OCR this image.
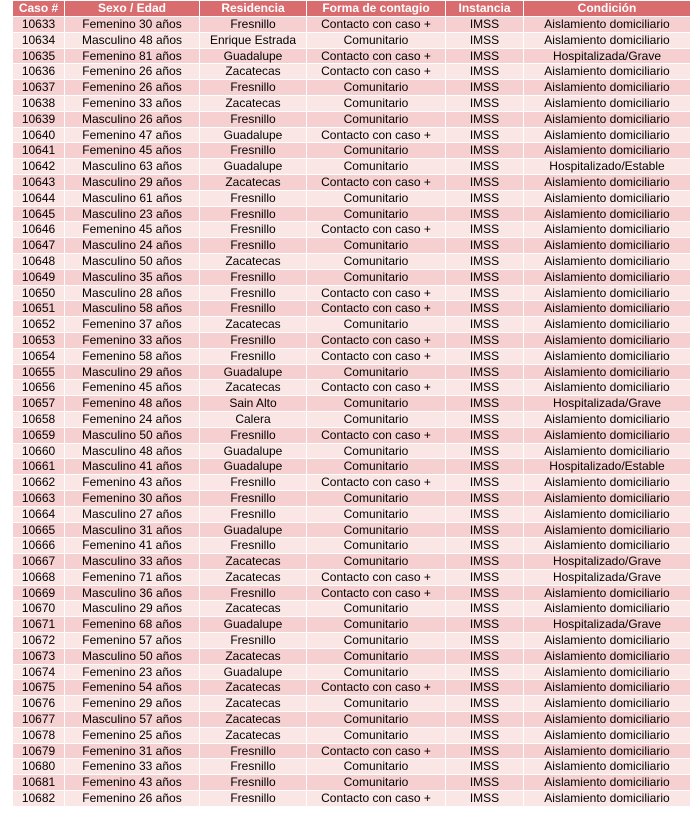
Caso #	Sexo / Edad	Residencia	Forma de contagio	Instancia	Condición
10633	Femenino 30 años	Fresnillo	Contacto con caso +	IMSS	Aislamiento domiciliario
10634	Masculino 48 años	Enrique Estrada	Comunitario	IMSS	Aislamiento domiciliario
10635	Femenino 81 años	Guadalupe	Contacto con caso +	IMSS	Hospitalizada/Grave
10636	Femenino 26 años	Zacatecas	Contacto con caso +	IMSS	Aislamiento domiciliario
10637	Femenino 26 años	Fresnillo	Comunitario	IMSS	Aislamiento domiciliario
10638	Femenino 33 años	Zacatecas	Comunitario	IMSS	Aislamiento domiciliario
10639	Masculino 26 años	Fresnillo	Comunitario	IMSS	Aislamiento domiciliario
10640	Femenino 47 años	Guadalupe	Contacto con caso +	IMSS	Aislamiento domiciliario
10641	Femenino 45 años	Fresnillo	Comunitario	IMSS	Aislamiento domiciliario
10642	Masculino 63 años	Guadalupe	Comunitario	IMSS	Hospitalizado/Estable
10643	Masculino 29 años	Zacatecas	Contacto con caso +	IMSS	Aislamiento domiciliario
10644	Masculino 61 años	Fresnillo	Comunitario	IMSS	Aislamiento domiciliario
10645	Masculino 23 años	Fresnillo	Comunitario	IMSS	Aislamiento domiciliario
10646	Femenino 45 años	Fresnillo	Contacto con caso +	IMSS	Aislamiento domiciliario
10647	Masculino 24 años	Fresnillo	Comunitario	IMSS	Aislamiento domiciliario
10648	Masculino 50 años	Zacatecas	Comunitario	IMSS	Aislamiento domiciliario
10649	Masculino 35 años	Fresnillo	Comunitario	IMSS	Aislamiento domiciliario
10650	Masculino 28 años	Fresnillo	Contacto con caso +	IMSS	Aislamiento domiciliario
10651	Masculino 58 años	Fresnillo	Contacto con caso +	IMSS	Aislamiento domiciliario
10652	Femenino 37 años	Zacatecas	Comunitario	IMSS	Aislamiento domiciliario
10653	Femenino 33 años	Fresnillo	Contacto con caso +	IMSS	Aislamiento domiciliario
10654	Femenino 58 años	Fresnillo	Contacto con caso +	IMSS	Aislamiento domiciliario
10655	Masculino 29 años	Guadalupe	Comunitario	IMSS	Aislamiento domiciliario
10656	Femenino 45 años	Zacatecas	Contacto con caso +	IMSS	Aislamiento domiciliario
10657	Femenino 48 años	Sain Alto	Comunitario	IMSS	Hospitalizada/Grave
10658	Femenino 24 años	Calera	Comunitario	IMSS	Aislamiento domiciliario
10659	Masculino 50 años	Fresnillo	Contacto con caso +	IMSS	Aislamiento domiciliario
10660	Masculino 48 años	Guadalupe	Comunitario	IMSS	Aislamiento domiciliario
10661	Masculino 41 años	Guadalupe	Comunitario	IMSS	Hospitalizado/Estable
10662	Femenino 43 años	Fresnillo	Contacto con caso +	IMSS	Aislamiento domiciliario
10663	Femenino 30 años	Fresnillo	Comunitario	IMSS	Aislamiento domiciliario
10664	Masculino 27 años	Fresnillo	Comunitario	IMSS	Aislamiento domiciliario
10665	Masculino 31 años	Guadalupe	Comunitario	IMSS	Aislamiento domiciliario
10666	Femenino 41 años	Fresnillo	Comunitario	IMSS	Aislamiento domiciliario
10667	Masculino 33 años	Zacatecas	Comunitario	IMSS	Hospitalizado/Grave
10668	Femenino 71 años	Zacatecas	Contacto con caso +	IMSS	Hospitalizada/Grave
10669	Masculino 36 años	Fresnillo	Contacto con caso +	IMSS	Aislamiento domiciliario
10670	Masculino 29 años	Zacatecas	Comunitario	IMSS	Aislamiento domiciliario
10671	Femenino 68 años	Guadalupe	Comunitario	IMSS	Hospitalizada/Grave
10672	Femenino 57 años	Fresnillo	Comunitario	IMSS	Aislamiento domiciliario
10673	Masculino 50 años	Zacatecas	Comunitario	IMSS	Aislamiento domiciliario
10674	Femenino 23 años	Guadalupe	Comunitario	IMSS	Aislamiento domiciliario
10675	Femenino 54 años	Zacatecas	Contacto con caso +	IMSS	Aislamiento domiciliario
10676	Femenino 29 años	Zacatecas	Comunitario	IMSS	Aislamiento domiciliario
10677	Masculino 57 años	Zacatecas	Comunitario	IMSS	Aislamiento domiciliario
10678	Femenino 25 años	Zacatecas	Comunitario	IMSS	Aislamiento domiciliario
10679	Femenino 31 años	Fresnillo	Contacto con caso +	IMSS	Aislamiento domiciliario
10680	Femenino 33 años	Fresnillo	Comunitario	IMSS	Aislamiento domiciliario
10681	Femenino 43 años	Fresnillo	Comunitario	IMSS	Aislamiento domiciliario
10682	Femenino 26 años	Fresnillo	Contacto con caso +	IMSS	Aislamiento domiciliario
